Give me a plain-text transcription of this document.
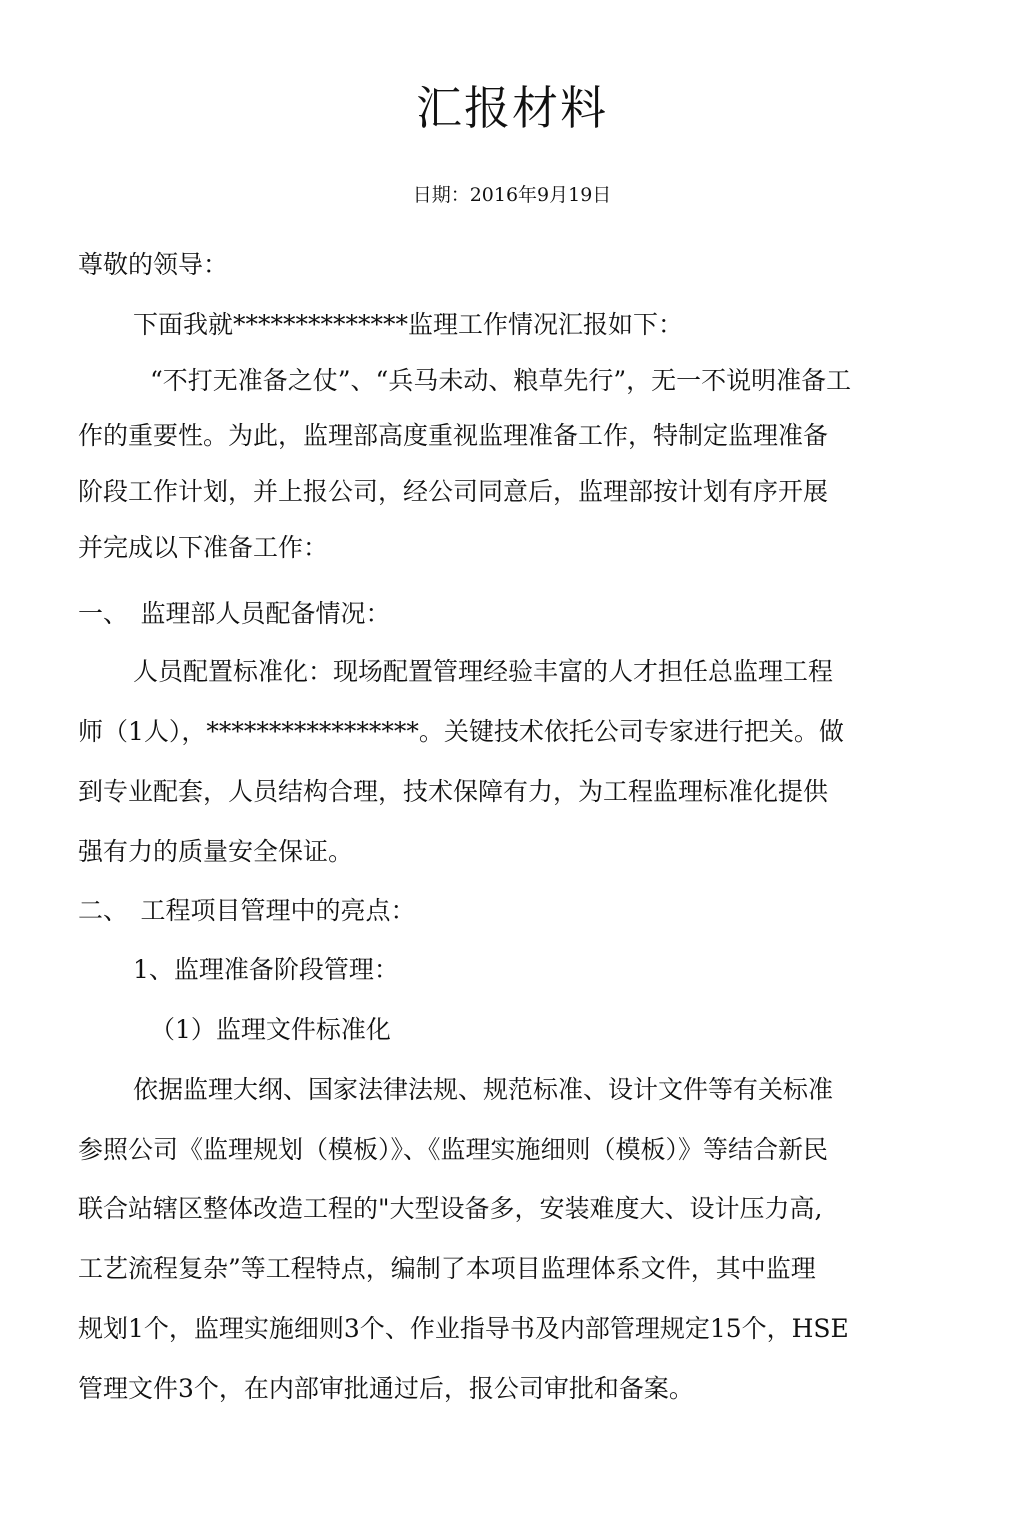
汇报材料
日期：2016年9月19日
尊敬的领导：
下面我就**************监理工作情况汇报如下：
“不打无准备之仗”、“兵马未动、粮草先行”，无一不说明准备工
作的重要性。为此，监理部高度重视监理准备工作，特制定监理准备
阶段工作计划，并上报公司，经公司同意后，监理部按计划有序开展
并完成以下准备工作：
一、　监理部人员配备情况：
人员配置标准化：现场配置管理经验丰富的人才担任总监理工程
师（1人），*****************。关键技术依托公司专家进行把关。做
到专业配套，人员结构合理，技术保障有力，为工程监理标准化提供
强有力的质量安全保证。
二、　工程项目管理中的亮点：
1、监理准备阶段管理：
（1）监理文件标准化
依据监理大纲、国家法律法规、规范标准、设计文件等有关标准
参照公司《监理规划（模板）》、《监理实施细则（模板）》等结合新民
联合站辖区整体改造工程的"大型设备多，安装难度大、设计压力高,
工艺流程复杂”等工程特点，编制了本项目监理体系文件，其中监理
规划1个，监理实施细则3个、作业指导书及内部管理规定15个，HSE
管理文件3个，在内部审批通过后，报公司审批和备案。
